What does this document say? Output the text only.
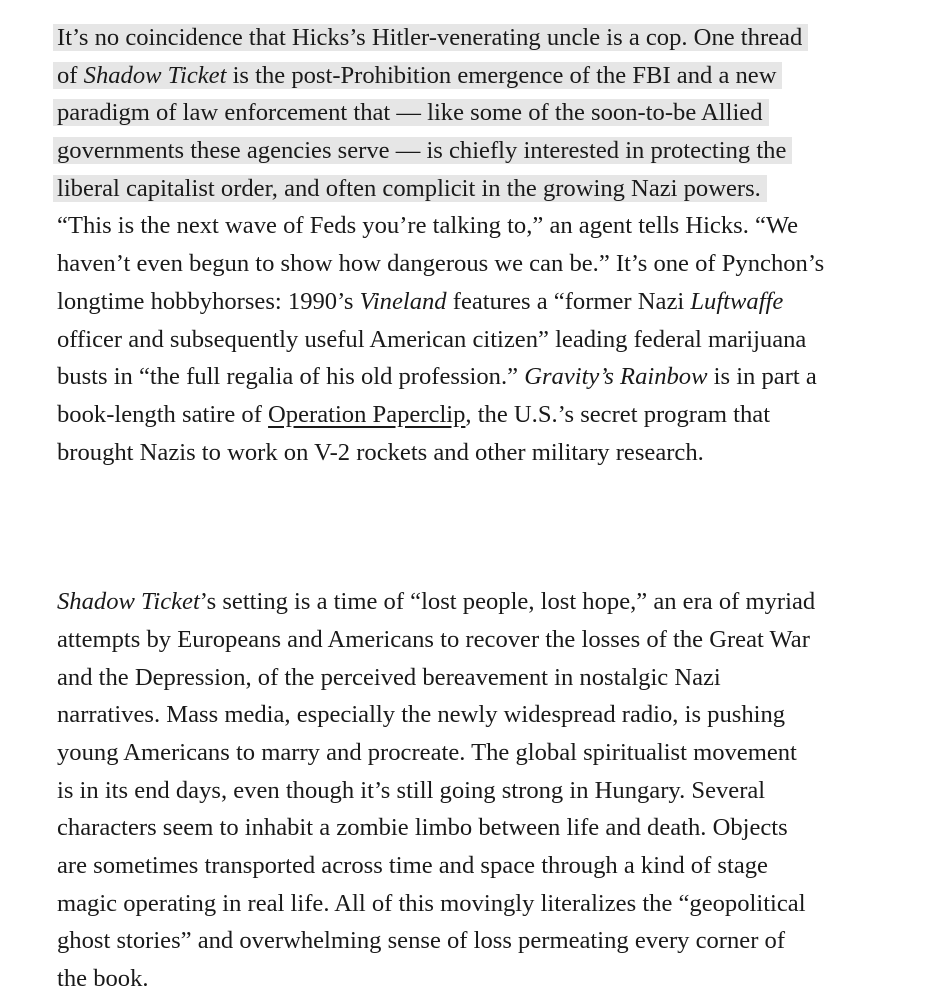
It’s no coincidence that Hicks’s Hitler-venerating uncle is a cop. One thread
of Shadow Ticket is the post-Prohibition emergence of the FBI and a new
paradigm of law enforcement that — like some of the soon-to-be Allied
governments these agencies serve — is chiefly interested in protecting the
liberal capitalist order, and often complicit in the growing Nazi powers.
“This is the next wave of Feds you’re talking to,” an agent tells Hicks. “We
haven’t even begun to show how dangerous we can be.” It’s one of Pynchon’s
longtime hobbyhorses: 1990’s Vineland features a “former Nazi Luftwaffe
officer and subsequently useful American citizen” leading federal marijuana
busts in “the full regalia of his old profession.” Gravity’s Rainbow is in part a
book-length satire of Operation Paperclip, the U.S.’s secret program that
brought Nazis to work on V-2 rockets and other military research.

Shadow Ticket’s setting is a time of “lost people, lost hope,” an era of myriad
attempts by Europeans and Americans to recover the losses of the Great War
and the Depression, of the perceived bereavement in nostalgic Nazi
narratives. Mass media, especially the newly widespread radio, is pushing
young Americans to marry and procreate. The global spiritualist movement
is in its end days, even though it’s still going strong in Hungary. Several
characters seem to inhabit a zombie limbo between life and death. Objects
are sometimes transported across time and space through a kind of stage
magic operating in real life. All of this movingly literalizes the “geopolitical
ghost stories” and overwhelming sense of loss permeating every corner of
the book.
